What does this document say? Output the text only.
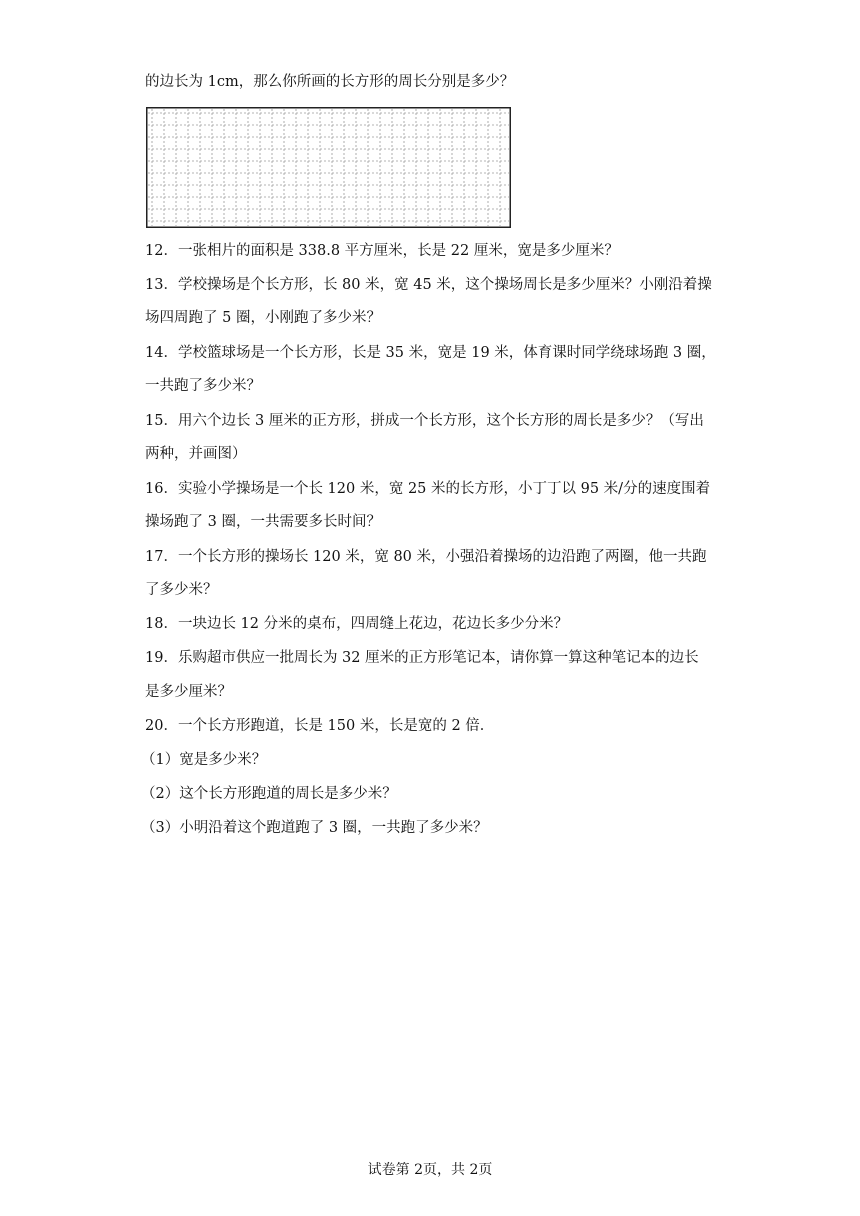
的边长为 1cm，那么你所画的长方形的周长分别是多少？
12．一张相片的面积是 338.8 平方厘米，长是 22 厘米，宽是多少厘米？
13．学校操场是个长方形，长 80 米，宽 45 米，这个操场周长是多少厘米？小刚沿着操
场四周跑了 5 圈，小刚跑了多少米？
14．学校篮球场是一个长方形，长是 35 米，宽是 19 米，体育课时同学绕球场跑 3 圈，
一共跑了多少米？
15．用六个边长 3 厘米的正方形，拼成一个长方形，这个长方形的周长是多少？（写出
两种，并画图）
16．实验小学操场是一个长 120 米，宽 25 米的长方形，小丁丁以 95 米/分的速度围着
操场跑了 3 圈，一共需要多长时间？
17．一个长方形的操场长 120 米，宽 80 米，小强沿着操场的边沿跑了两圈，他一共跑
了多少米？
18．一块边长 12 分米的桌布，四周缝上花边，花边长多少分米？
19．乐购超市供应一批周长为 32 厘米的正方形笔记本，请你算一算这种笔记本的边长
是多少厘米？
20．一个长方形跑道，长是 150 米，长是宽的 2 倍．
（1）宽是多少米？
（2）这个长方形跑道的周长是多少米？
（3）小明沿着这个跑道跑了 3 圈，一共跑了多少米？
试卷第 2页，共 2页
